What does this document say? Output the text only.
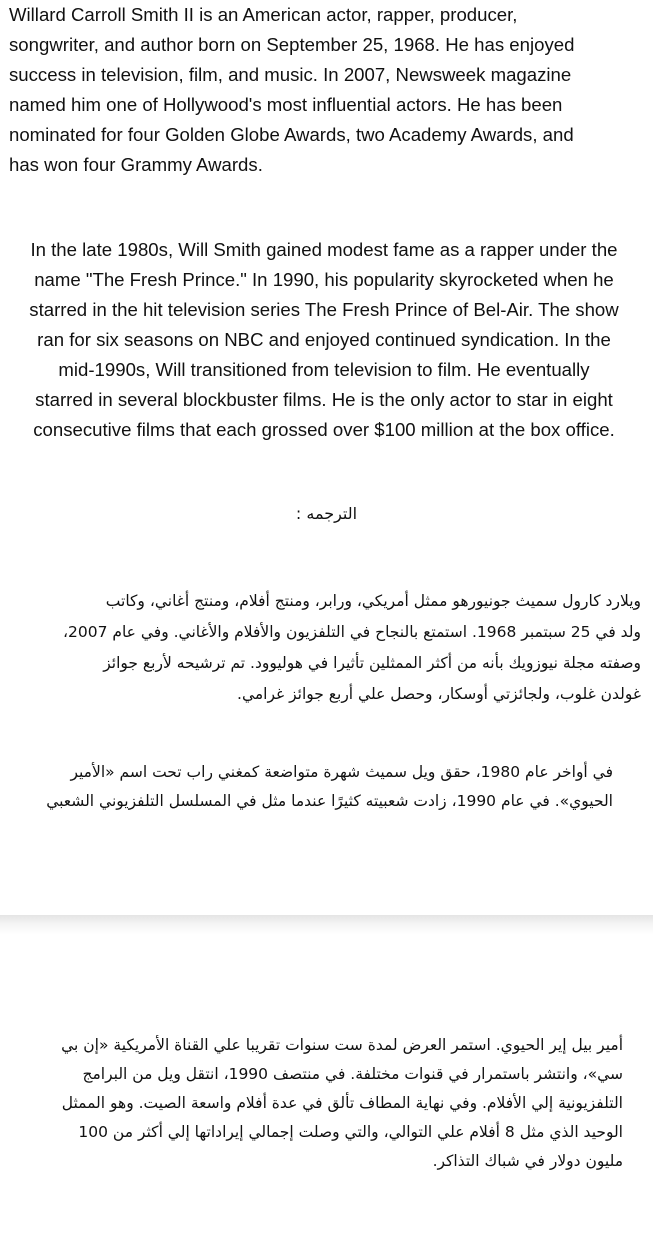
Willard Carroll Smith II is an American actor, rapper, producer,
songwriter, and author born on September 25, 1968. He has enjoyed
success in television, film, and music. In 2007, Newsweek magazine
named him one of Hollywood's most influential actors. He has been
nominated for four Golden Globe Awards, two Academy Awards, and
has won four Grammy Awards.

In the late 1980s, Will Smith gained modest fame as a rapper under the
name "The Fresh Prince." In 1990, his popularity skyrocketed when he
starred in the hit television series The Fresh Prince of Bel-Air. The show
ran for six seasons on NBC and enjoyed continued syndication. In the
mid-1990s, Will transitioned from television to film. He eventually
starred in several blockbuster films. He is the only actor to star in eight
consecutive films that each grossed over $100 million at the box office.

الترجمه :

ويلارد كارول سميث جونيورهو ممثل أمريكي، ورابر، ومنتج أفلام، ومنتج أغاني، وكاتب
ولد في 25 سبتمبر 1968. استمتع بالنجاح في التلفزيون والأفلام والأغاني. وفي عام 2007،
وصفته مجلة نيوزويك بأنه من أكثر الممثلين تأثيرا في هوليوود. تم ترشيحه لأربع جوائز
غولدن غلوب، ولجائزتي أوسكار، وحصل علي أربع جوائز غرامي.

في أواخر عام 1980، حقق ويل سميث شهرة متواضعة كمغني راب تحت اسم «الأمير
الحيوي». في عام 1990، زادت شعبيته كثيرًا عندما مثل في المسلسل التلفزيوني الشعبي

أمير بيل إير الحيوي. استمر العرض لمدة ست سنوات تقريبا علي القناة الأمريكية «إن بي
سي»، وانتشر باستمرار في قنوات مختلفة. في منتصف 1990، انتقل ويل من البرامج
التلفزيونية إلي الأفلام. وفي نهاية المطاف تألق في عدة أفلام واسعة الصيت. وهو الممثل
الوحيد الذي مثل 8 أفلام علي التوالي، والتي وصلت إجمالي إيراداتها إلي أكثر من 100
مليون دولار في شباك التذاكر.
